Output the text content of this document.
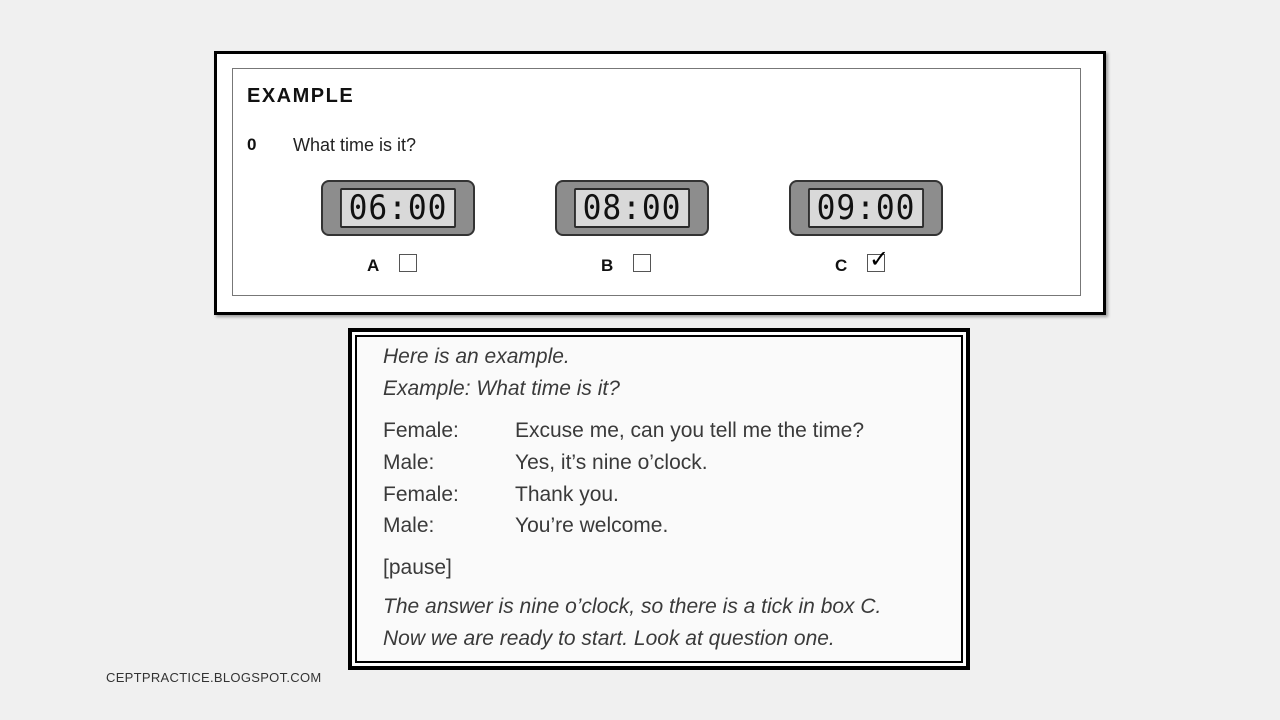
EXAMPLE
0 What time is it?
06:00
A
08:00
B
09:00
C ✓
Here is an example.
Example: What time is it?
Female:	Excuse me, can you tell me the time?
Male:	Yes, it’s nine o’clock.
Female:	Thank you.
Male:	You’re welcome.
[pause]
The answer is nine o’clock, so there is a tick in box C.
Now we are ready to start. Look at question one.
CEPTPRACTICE.BLOGSPOT.COM
